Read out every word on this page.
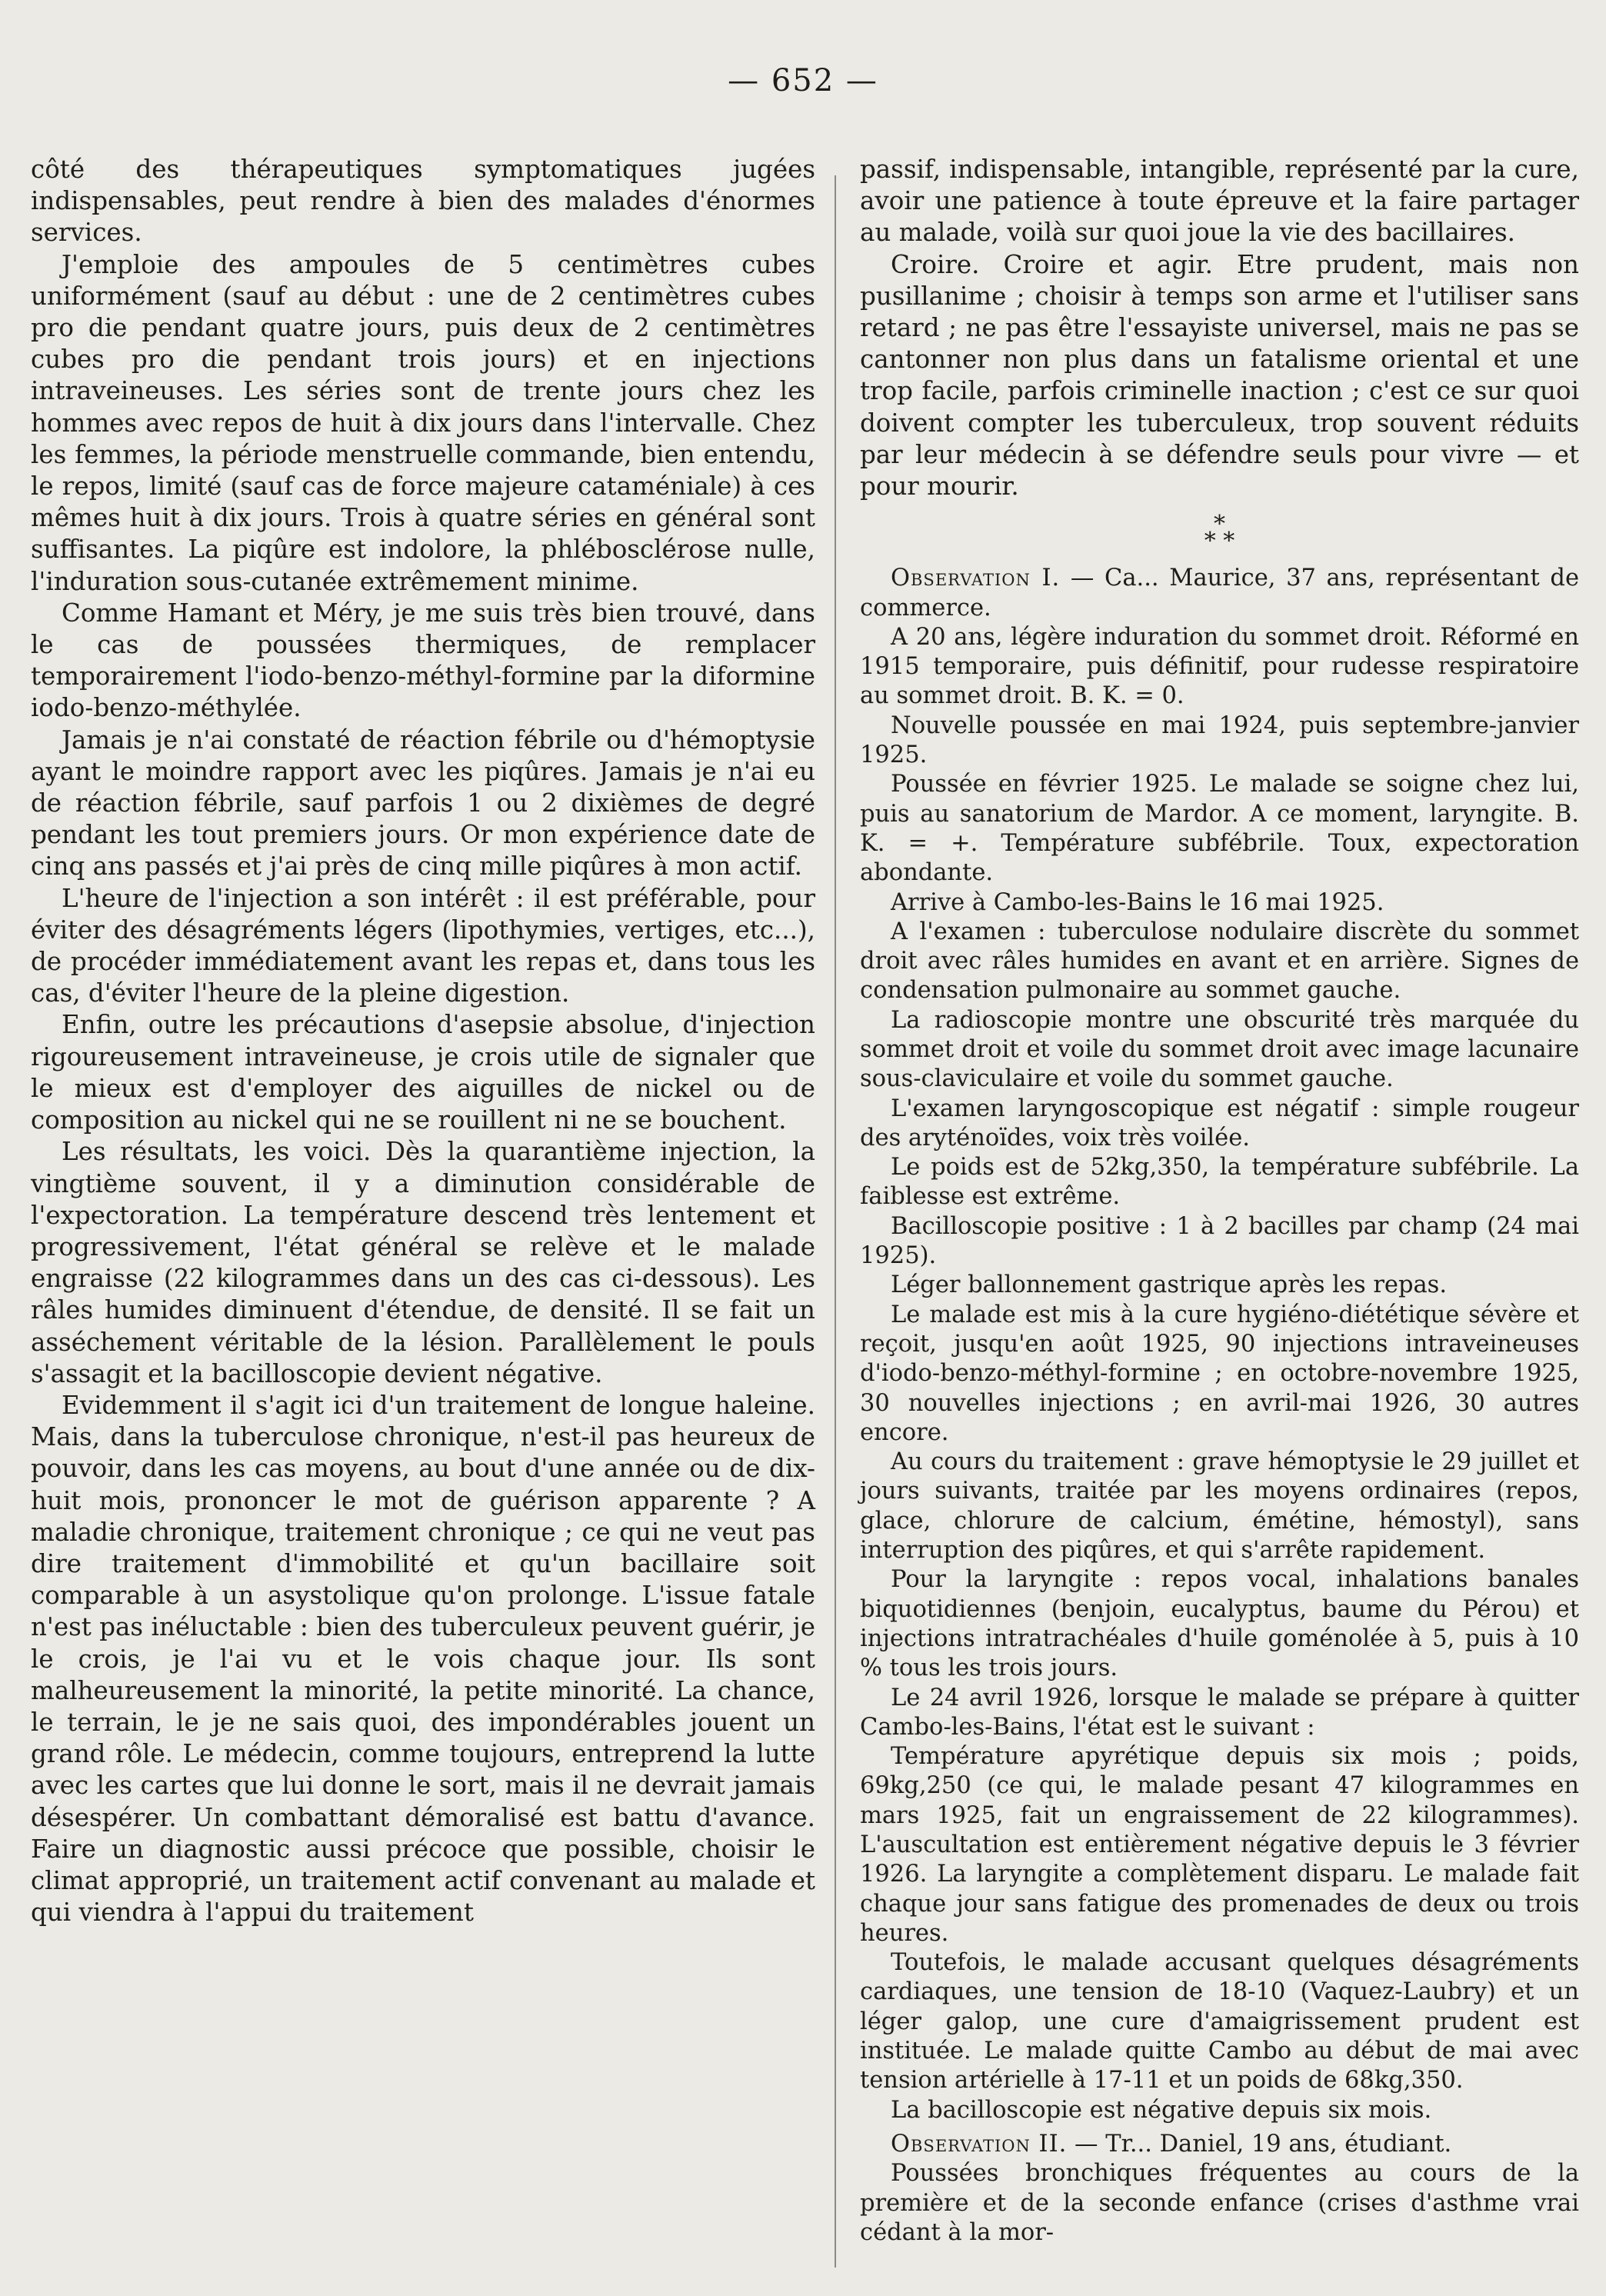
— 652 —

côté des thérapeutiques symptomatiques jugées indispensables, peut rendre à bien des malades d'énormes services.

J'emploie des ampoules de 5 centimètres cubes uniformément (sauf au début : une de 2 centimètres cubes pro die pendant quatre jours, puis deux de 2 centimètres cubes pro die pendant trois jours) et en injections intraveineuses. Les séries sont de trente jours chez les hommes avec repos de huit à dix jours dans l'intervalle. Chez les femmes, la période menstruelle commande, bien entendu, le repos, limité (sauf cas de force majeure cataméniale) à ces mêmes huit à dix jours. Trois à quatre séries en général sont suffisantes. La piqûre est indolore, la phlébosclérose nulle, l'induration sous-cutanée extrêmement minime.

Comme Hamant et Méry, je me suis très bien trouvé, dans le cas de poussées thermiques, de remplacer temporairement l'iodo-benzo-méthyl-formine par la diformine iodo-benzo-méthylée.

Jamais je n'ai constaté de réaction fébrile ou d'hémoptysie ayant le moindre rapport avec les piqûres. Jamais je n'ai eu de réaction fébrile, sauf parfois 1 ou 2 dixièmes de degré pendant les tout premiers jours. Or mon expérience date de cinq ans passés et j'ai près de cinq mille piqûres à mon actif.

L'heure de l'injection a son intérêt : il est préférable, pour éviter des désagréments légers (lipothymies, vertiges, etc...), de procéder immédiatement avant les repas et, dans tous les cas, d'éviter l'heure de la pleine digestion.

Enfin, outre les précautions d'asepsie absolue, d'injection rigoureusement intraveineuse, je crois utile de signaler que le mieux est d'employer des aiguilles de nickel ou de composition au nickel qui ne se rouillent ni ne se bouchent.

Les résultats, les voici. Dès la quarantième injection, la vingtième souvent, il y a diminution considérable de l'expectoration. La température descend très lentement et progressivement, l'état général se relève et le malade engraisse (22 kilogrammes dans un des cas ci-dessous). Les râles humides diminuent d'étendue, de densité. Il se fait un asséchement véritable de la lésion. Parallèlement le pouls s'assagit et la bacilloscopie devient négative.

Evidemment il s'agit ici d'un traitement de longue haleine. Mais, dans la tuberculose chronique, n'est-il pas heureux de pouvoir, dans les cas moyens, au bout d'une année ou de dix-huit mois, prononcer le mot de guérison apparente ? A maladie chronique, traitement chronique ; ce qui ne veut pas dire traitement d'immobilité et qu'un bacillaire soit comparable à un asystolique qu'on prolonge. L'issue fatale n'est pas inéluctable : bien des tuberculeux peuvent guérir, je le crois, je l'ai vu et le vois chaque jour. Ils sont malheureusement la minorité, la petite minorité. La chance, le terrain, le je ne sais quoi, des impondérables jouent un grand rôle. Le médecin, comme toujours, entreprend la lutte avec les cartes que lui donne le sort, mais il ne devrait jamais désespérer. Un combattant démoralisé est battu d'avance. Faire un diagnostic aussi précoce que possible, choisir le climat approprié, un traitement actif convenant au malade et qui viendra à l'appui du traitement

passif, indispensable, intangible, représenté par la cure, avoir une patience à toute épreuve et la faire partager au malade, voilà sur quoi joue la vie des bacillaires.

Croire. Croire et agir. Etre prudent, mais non pusillanime ; choisir à temps son arme et l'utiliser sans retard ; ne pas être l'essayiste universel, mais ne pas se cantonner non plus dans un fatalisme oriental et une trop facile, parfois criminelle inaction ; c'est ce sur quoi doivent compter les tuberculeux, trop souvent réduits par leur médecin à se défendre seuls pour vivre — et pour mourir.

*
* *

Observation I. — Ca... Maurice, 37 ans, représentant de commerce.

A 20 ans, légère induration du sommet droit. Réformé en 1915 temporaire, puis définitif, pour rudesse respiratoire au sommet droit. B. K. = 0.

Nouvelle poussée en mai 1924, puis septembre-janvier 1925.

Poussée en février 1925. Le malade se soigne chez lui, puis au sanatorium de Mardor. A ce moment, laryngite. B. K. = +. Température subfébrile. Toux, expectoration abondante.

Arrive à Cambo-les-Bains le 16 mai 1925.

A l'examen : tuberculose nodulaire discrète du sommet droit avec râles humides en avant et en arrière. Signes de condensation pulmonaire au sommet gauche.

La radioscopie montre une obscurité très marquée du sommet droit et voile du sommet droit avec image lacunaire sous-claviculaire et voile du sommet gauche.

L'examen laryngoscopique est négatif : simple rougeur des aryténoïdes, voix très voilée.

Le poids est de 52kg,350, la température subfébrile. La faiblesse est extrême.

Bacilloscopie positive : 1 à 2 bacilles par champ (24 mai 1925).

Léger ballonnement gastrique après les repas.

Le malade est mis à la cure hygiéno-diététique sévère et reçoit, jusqu'en août 1925, 90 injections intraveineuses d'iodo-benzo-méthyl-formine ; en octobre-novembre 1925, 30 nouvelles injections ; en avril-mai 1926, 30 autres encore.

Au cours du traitement : grave hémoptysie le 29 juillet et jours suivants, traitée par les moyens ordinaires (repos, glace, chlorure de calcium, émétine, hémostyl), sans interruption des piqûres, et qui s'arrête rapidement.

Pour la laryngite : repos vocal, inhalations banales biquotidiennes (benjoin, eucalyptus, baume du Pérou) et injections intratrachéales d'huile goménolée à 5, puis à 10 % tous les trois jours.

Le 24 avril 1926, lorsque le malade se prépare à quitter Cambo-les-Bains, l'état est le suivant :

Température apyrétique depuis six mois ; poids, 69kg,250 (ce qui, le malade pesant 47 kilogrammes en mars 1925, fait un engraissement de 22 kilogrammes). L'auscultation est entièrement négative depuis le 3 février 1926. La laryngite a complètement disparu. Le malade fait chaque jour sans fatigue des promenades de deux ou trois heures.

Toutefois, le malade accusant quelques désagréments cardiaques, une tension de 18-10 (Vaquez-Laubry) et un léger galop, une cure d'amaigrissement prudent est instituée. Le malade quitte Cambo au début de mai avec tension artérielle à 17-11 et un poids de 68kg,350.

La bacilloscopie est négative depuis six mois.

Observation II. — Tr... Daniel, 19 ans, étudiant.

Poussées bronchiques fréquentes au cours de la première et de la seconde enfance (crises d'asthme vrai cédant à la mor-
